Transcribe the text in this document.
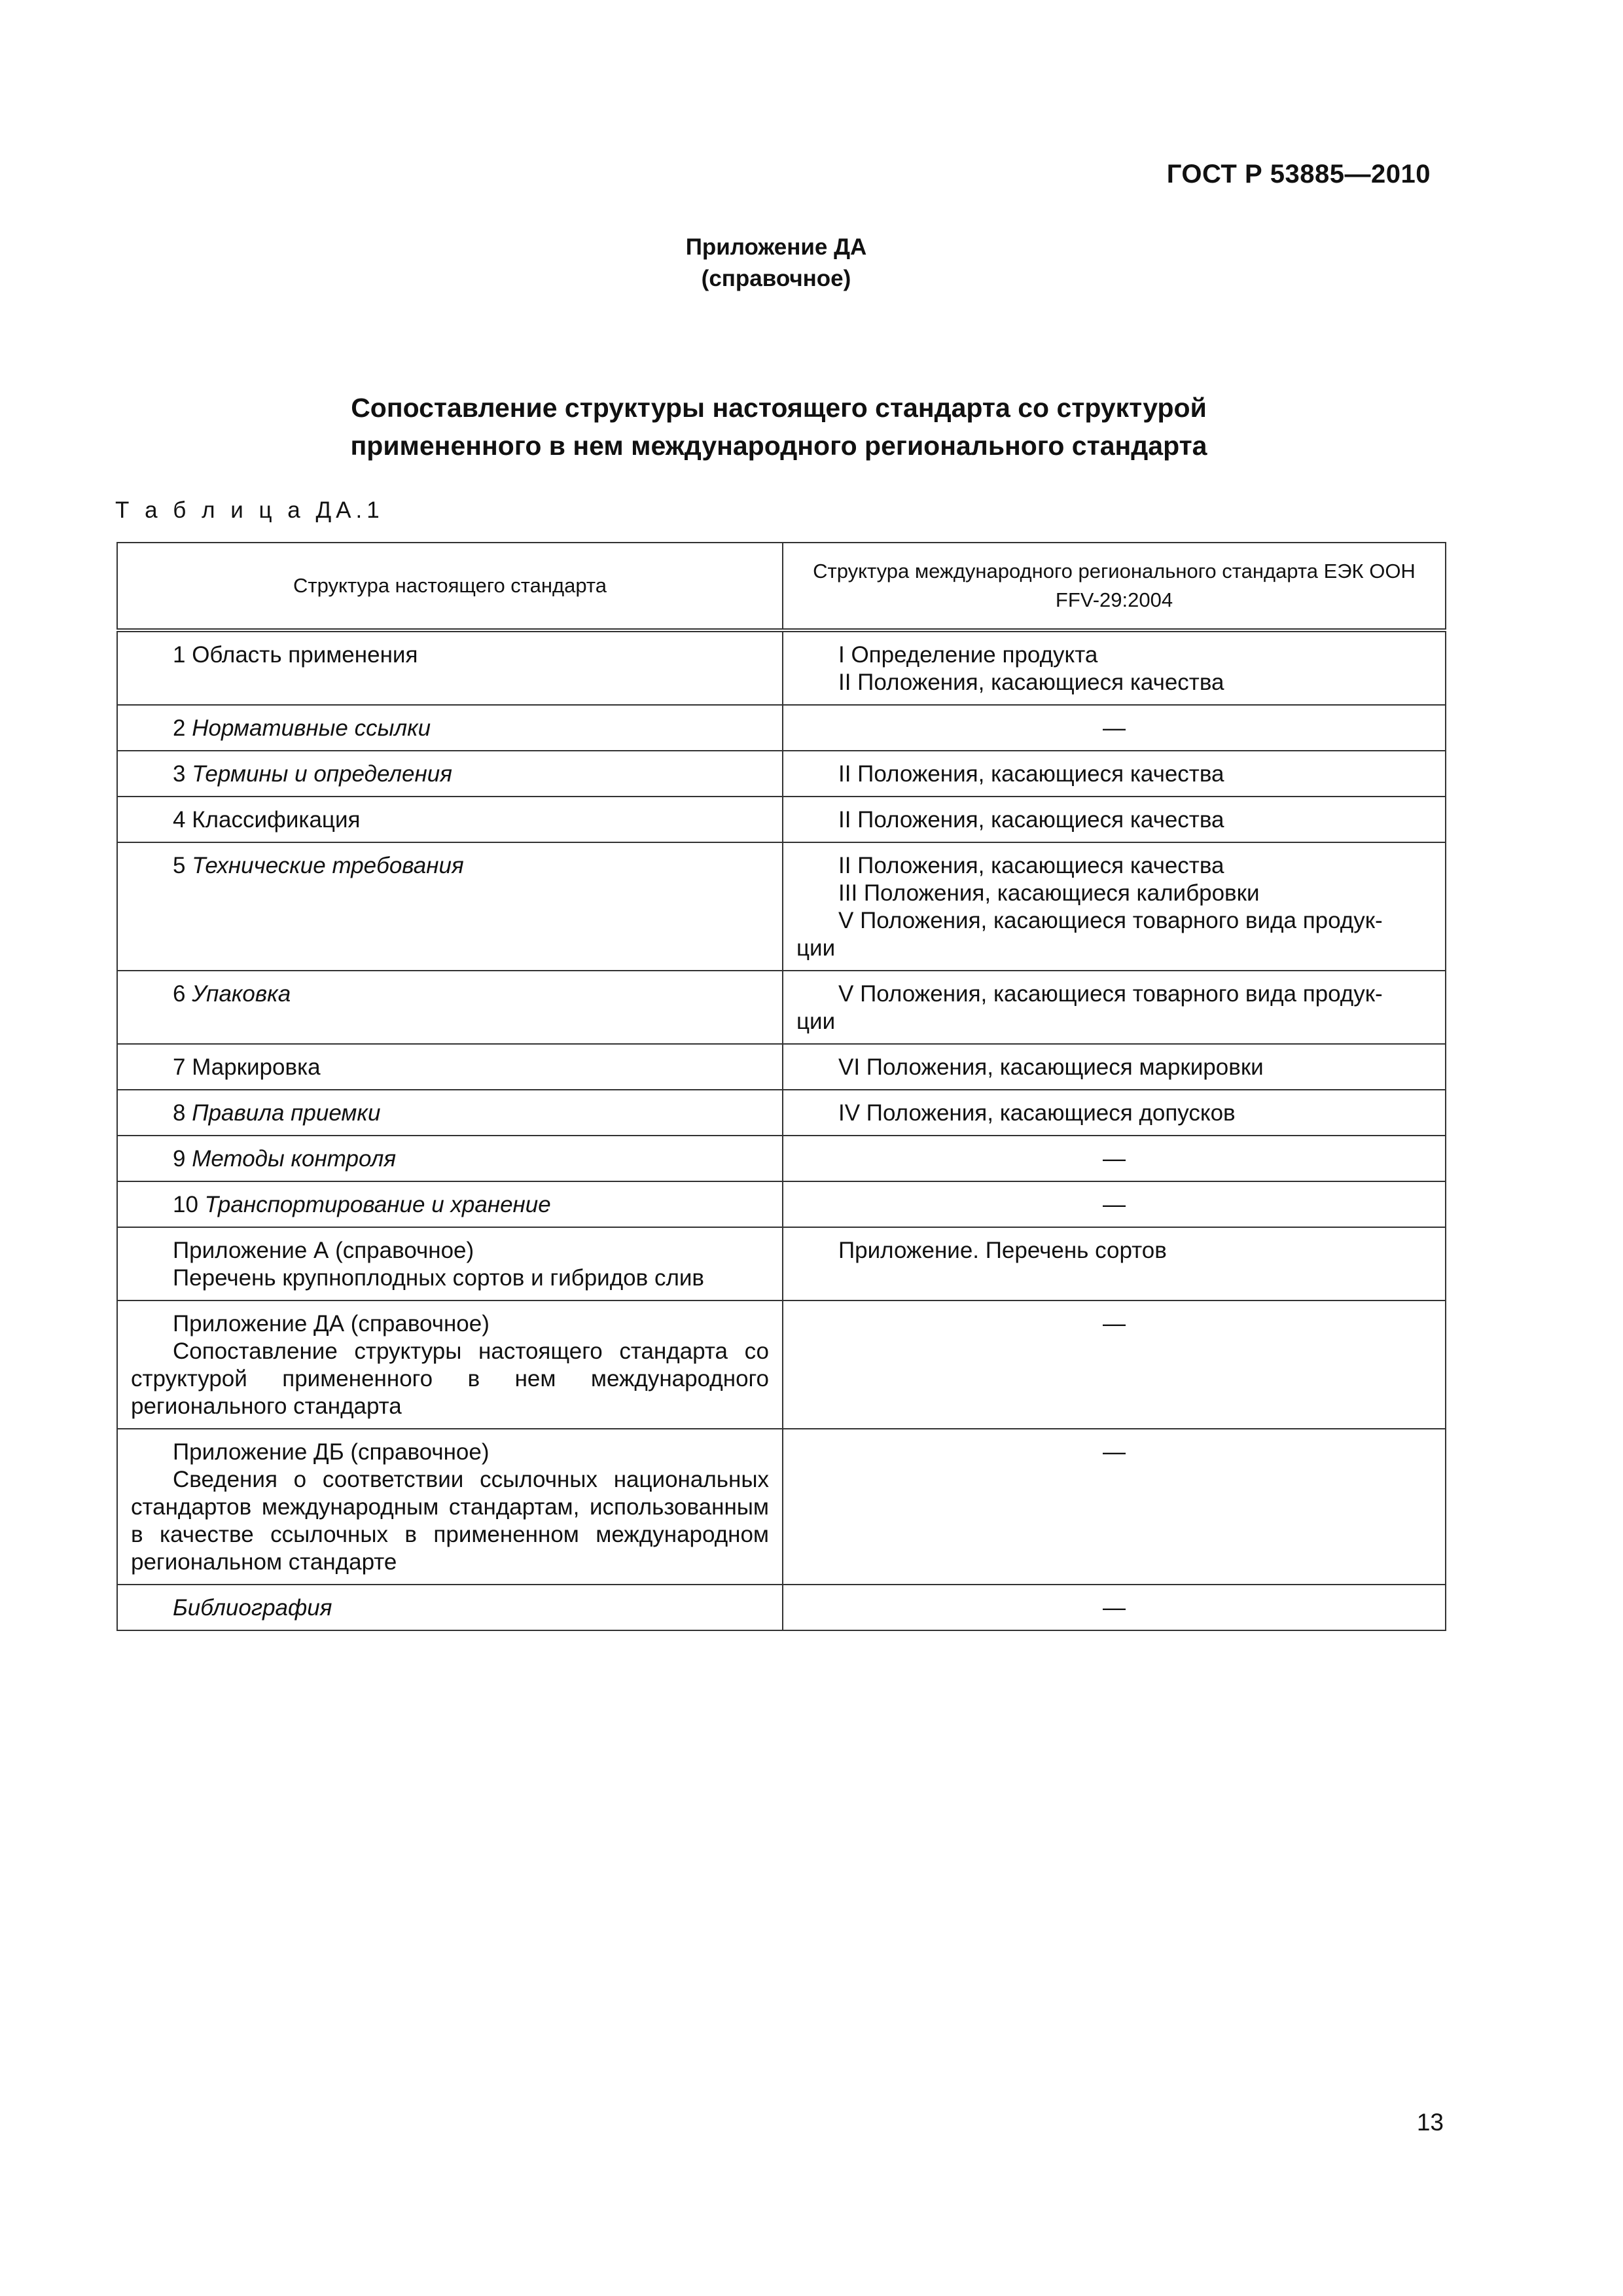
ГОСТ Р 53885—2010
Приложение ДА
(справочное)
Сопоставление структуры настоящего стандарта со структурой
примененного в нем международного регионального стандарта
Т а б л и ц а ДА.1
Структура настоящего стандарта	Структура международного регионального стандарта ЕЭК ООН FFV-29:2004

1 Область применения	I Определение продукта
II Положения, касающиеся качества

2 Нормативные ссылки	—

3 Термины и определения	II Положения, касающиеся качества

4 Классификация	II Положения, касающиеся качества

5 Технические требования	II Положения, касающиеся качества
III Положения, касающиеся калибровки
V Положения, касающиеся товарного вида продук-
ции

6 Упаковка	V Положения, касающиеся товарного вида продук-
ции

7 Маркировка	VI Положения, касающиеся маркировки

8 Правила приемки	IV Положения, касающиеся допусков

9 Методы контроля	—

10 Транспортирование и хранение	—

Приложение А (справочное)
Перечень крупноплодных сортов и гибридов слив	Приложение. Перечень сортов

Приложение ДА (справочное)
Сопоставление структуры настоящего стандарта со структурой примененного в нем международного регионального стандарта	—

Приложение ДБ (справочное)
Сведения о соответствии ссылочных национальных стандартов международным стандартам, использованным в качестве ссылочных в примененном международном региональном стандарте	—

Библиография	—
13
